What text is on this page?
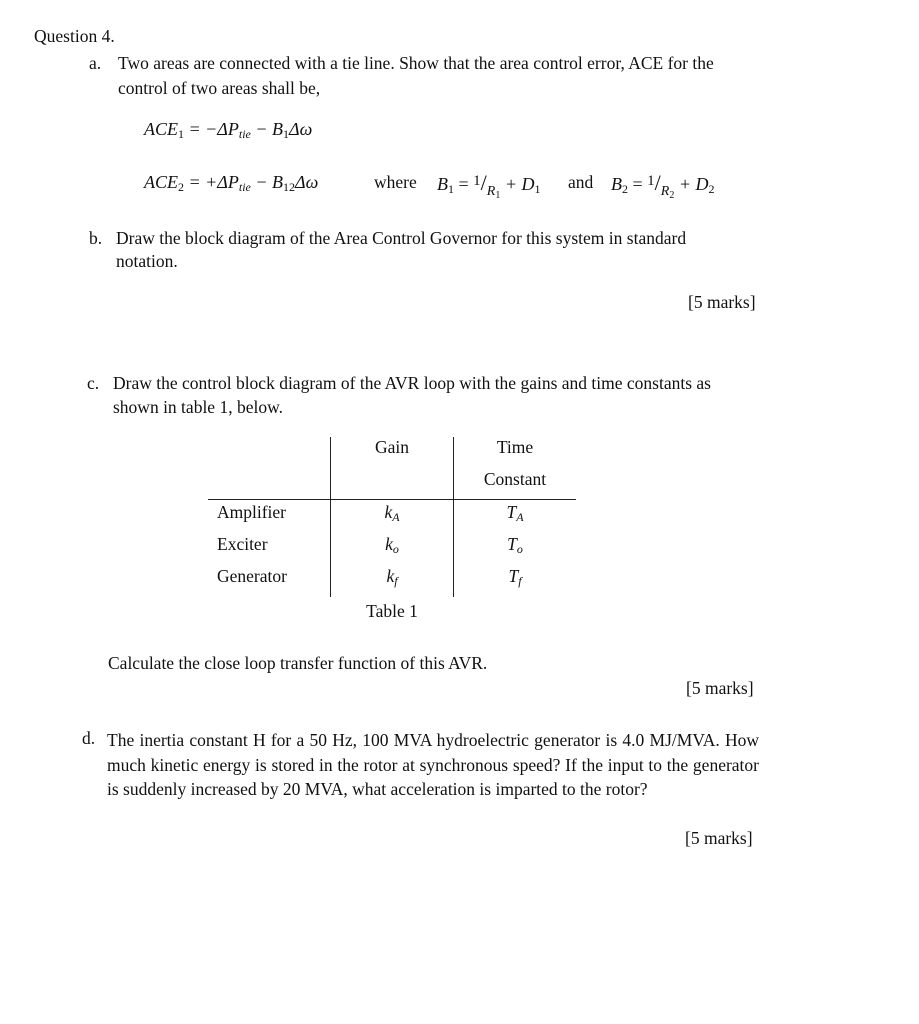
Question 4.
a. Two areas are connected with a tie line. Show that the area control error, ACE for the
control of two areas shall be,
$ACE_1 = -\Delta P_{tie} - B_1\Delta\omega$
$ACE_2 = +\Delta P_{tie} - B_{12}\Delta\omega$	where $B_1 = ^1/_{R_1} + D_1$ and $B_2 = ^1/_{R_2} + D_2$
b. Draw the block diagram of the Area Control Governor for this system in standard
notation.
[5 marks]
c. Draw the control block diagram of the AVR loop with the gains and time constants as
shown in table 1, below.
Gain	Time
Constant
Amplifier	$k_A$	$T_A$
Exciter	$k_o$	$T_o$
Generator	$k_f$	$T_f$
Table 1
Calculate the close loop transfer function of this AVR.
[5 marks]
d. The inertia constant H for a 50 Hz, 100 MVA hydroelectric generator is 4.0 MJ/MVA. How much kinetic energy is stored in the rotor at synchronous speed? If the input to the generator is suddenly increased by 20 MVA, what acceleration is imparted to the rotor?
[5 marks]
